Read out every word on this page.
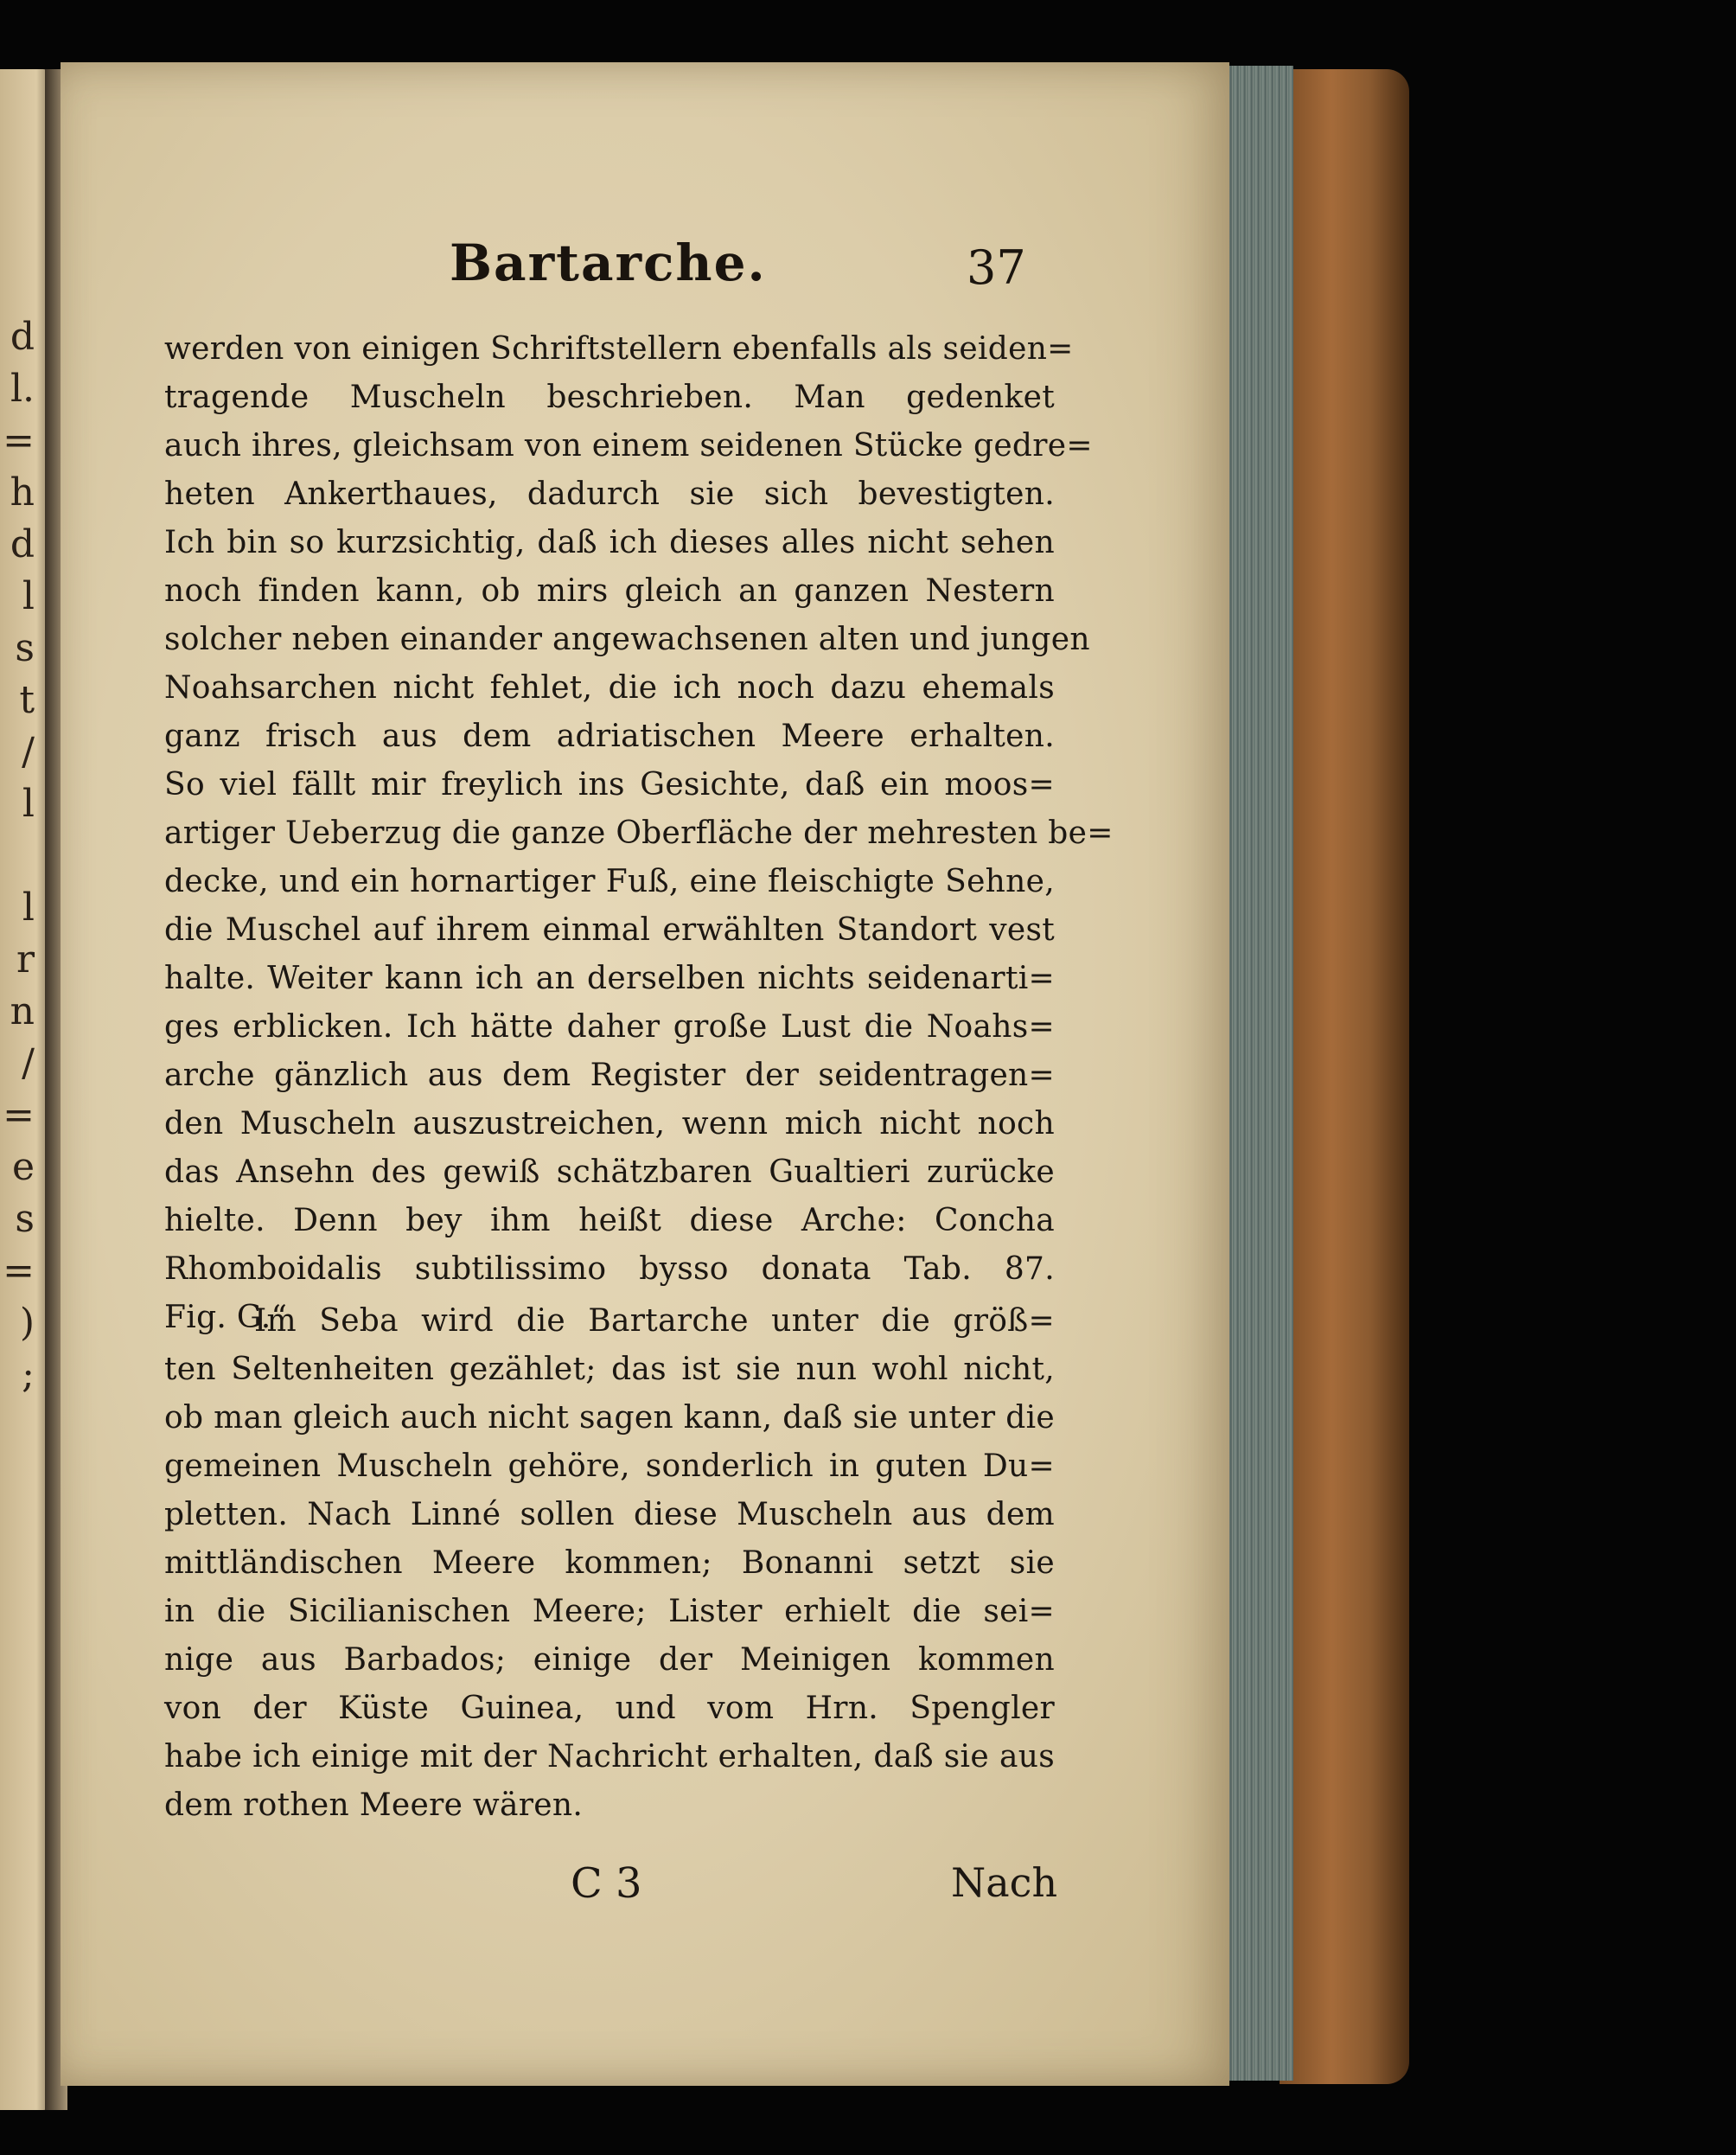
d
l.
=
h
d
l
s
t
/
l
l
r
n
/
=
e
s
=
)
;
Bartarche.	37
werden von einigen Schriftstellern ebenfalls als seiden=
tragende Muscheln beschrieben. Man gedenket
auch ihres, gleichsam von einem seidenen Stücke gedre=
heten Ankerthaues, dadurch sie sich bevestigten.
Ich bin so kurzsichtig, daß ich dieses alles nicht sehen
noch finden kann, ob mirs gleich an ganzen Nestern
solcher neben einander angewachsenen alten und jungen
Noahsarchen nicht fehlet, die ich noch dazu ehemals
ganz frisch aus dem adriatischen Meere erhalten.
So viel fällt mir freylich ins Gesichte, daß ein moos=
artiger Ueberzug die ganze Oberfläche der mehresten be=
decke, und ein hornartiger Fuß, eine fleischigte Sehne,
die Muschel auf ihrem einmal erwählten Standort vest
halte. Weiter kann ich an derselben nichts seidenarti=
ges erblicken. Ich hätte daher große Lust die Noahs=
arche gänzlich aus dem Register der seidentragen=
den Muscheln auszustreichen, wenn mich nicht noch
das Ansehn des gewiß schätzbaren Gualtieri zurücke
hielte. Denn bey ihm heißt diese Arche: Concha
Rhomboidalis subtilissimo bysso donata Tab. 87.
Fig. G.“
Im Seba wird die Bartarche unter die größ=
ten Seltenheiten gezählet; das ist sie nun wohl nicht,
ob man gleich auch nicht sagen kann, daß sie unter die
gemeinen Muscheln gehöre, sonderlich in guten Du=
pletten. Nach Linné sollen diese Muscheln aus dem
mittländischen Meere kommen; Bonanni setzt sie
in die Sicilianischen Meere; Lister erhielt die sei=
nige aus Barbados; einige der Meinigen kommen
von der Küste Guinea, und vom Hrn. Spengler
habe ich einige mit der Nachricht erhalten, daß sie aus
dem rothen Meere wären.
C 3	Nach
